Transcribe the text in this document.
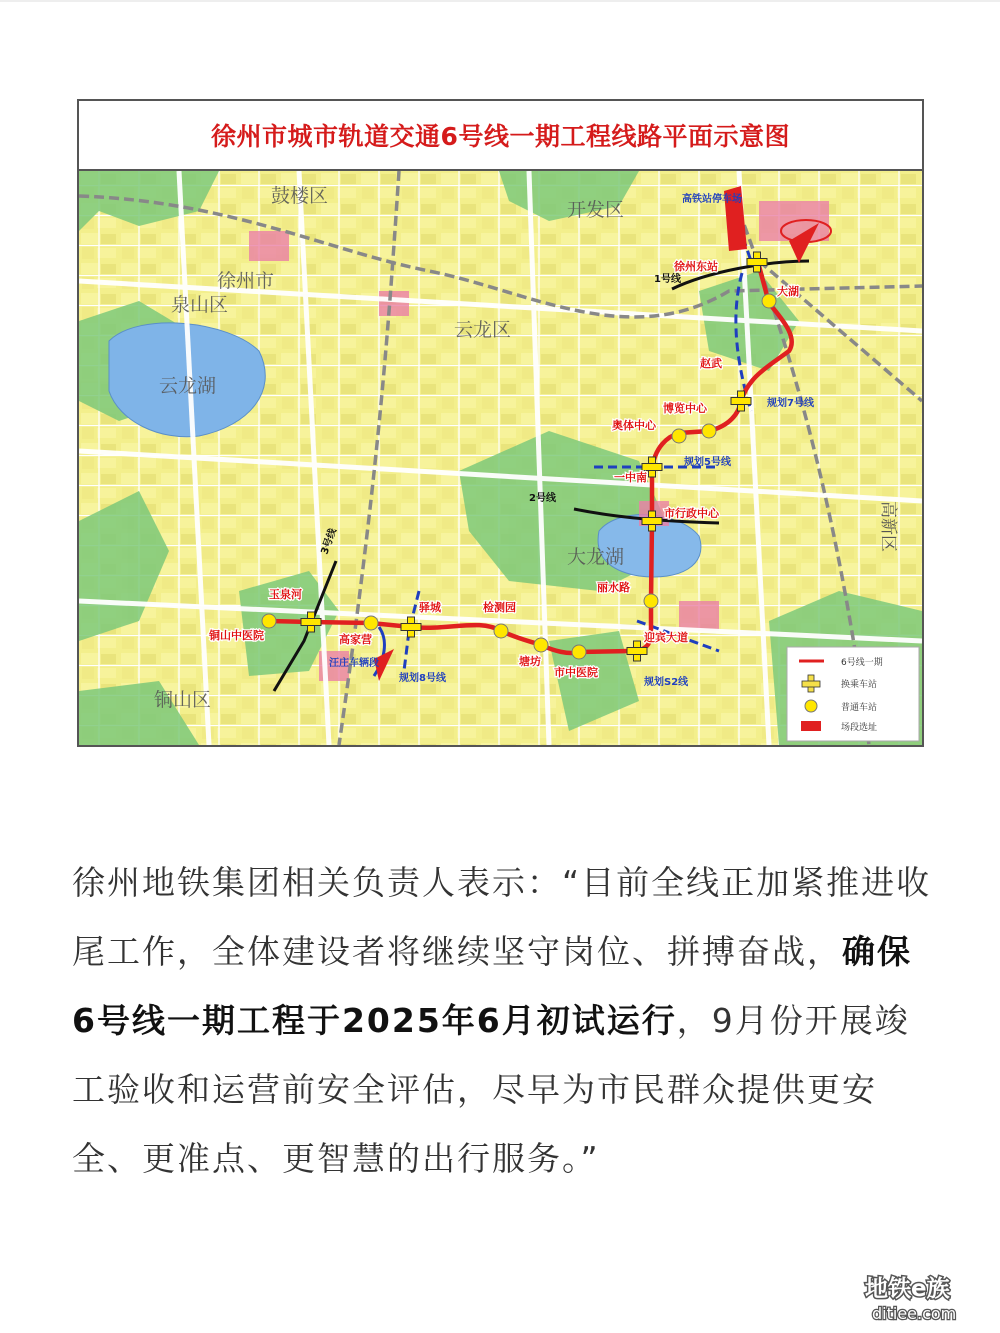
徐州市城市轨道交通6号线一期工程线路平面示意图
鼓楼区
开发区
徐州市
泉山区
云龙区
云龙湖
大龙湖
铜山区
高新区
铜山中医院
玉泉河
高家营
驿城	检测园
塘坊
市中医院
迎宾大道
丽水路
市行政中心
一中南
奥体中心
博览中心
赵武
大湖
徐州东站
1号线
2号线
3号线
规划5号线
规划7号线
规划8号线	规划S2线
高铁站停车场
汪庄车辆段	6号线一期
换乘车站
普通车站
场段选址
徐州地铁集团相关负责人表示：“目前全线正加紧推进收尾工作，全体建设者将继续坚守岗位、拼搏奋战，确保6号线一期工程于2025年6月初试运行，9月份开展竣工验收和运营前安全评估，尽早为市民群众提供更安全、更准点、更智慧的出行服务。”
地铁e族
ditiee.com
